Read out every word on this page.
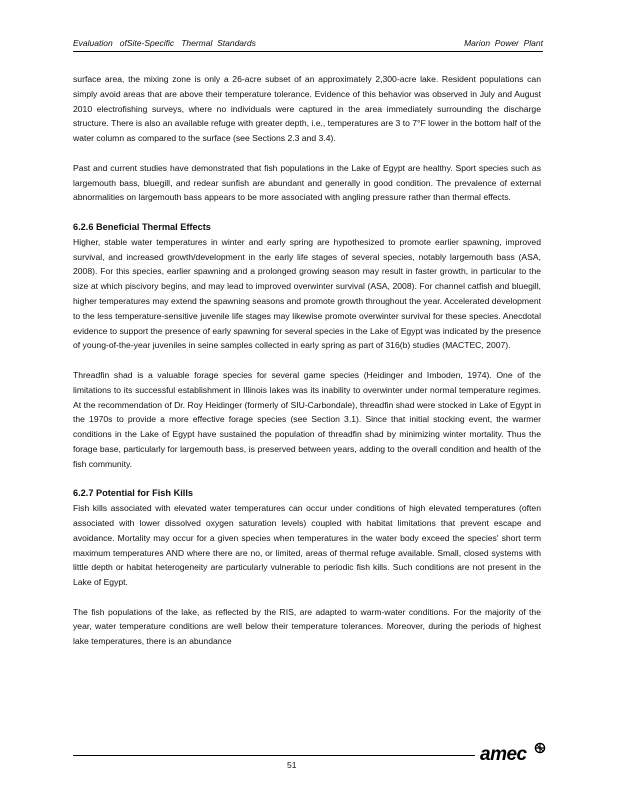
Evaluation   ofSite-Specific   Thermal  Standards	Marion  Power  Plant

surface area, the mixing zone is only a 26-acre subset of an approximately 2,300-acre lake. Resident populations can simply avoid areas that are above their temperature tolerance. Evidence of this behavior was observed in July and August 2010 electrofishing surveys, where no individuals were captured in the area immediately surrounding the discharge structure. There is also an available refuge with greater depth, i.e., temperatures are 3 to 7°F lower in the bottom half of the water column as compared to the surface (see Sections 2.3 and 3.4).

Past and current studies have demonstrated that fish populations in the Lake of Egypt are healthy. Sport species such as largemouth bass, bluegill, and redear sunfish are abundant and generally in good condition. The prevalence of external abnormalities on largemouth bass appears to be more associated with angling pressure rather than thermal effects.

6.2.6 Beneficial Thermal Effects

Higher, stable water temperatures in winter and early spring are hypothesized to promote earlier spawning, improved survival, and increased growth/development in the early life stages of several species, notably largemouth bass (ASA, 2008). For this species, earlier spawning and a prolonged growing season may result in faster growth, in particular to the size at which piscivory begins, and may lead to improved overwinter survival (ASA, 2008). For channel catfish and bluegill, higher temperatures may extend the spawning seasons and promote growth throughout the year. Accelerated development to the less temperature-sensitive juvenile life stages may likewise promote overwinter survival for these species. Anecdotal evidence to support the presence of early spawning for several species in the Lake of Egypt was indicated by the presence of young-of-the-year juveniles in seine samples collected in early spring as part of 316(b) studies (MACTEC, 2007).

Threadfin shad is a valuable forage species for several game species (Heidinger and Imboden, 1974). One of the limitations to its successful establishment in Illinois lakes was its inability to overwinter under normal temperature regimes. At the recommendation of Dr. Roy Heidinger (formerly of SIU-Carbondale), threadfin shad were stocked in Lake of Egypt in the 1970s to provide a more effective forage species (see Section 3.1). Since that initial stocking event, the warmer conditions in the Lake of Egypt have sustained the population of threadfin shad by minimizing winter mortality. Thus the forage base, particularly for largemouth bass, is preserved between years, adding to the overall condition and health of the fish community.

6.2.7 Potential for Fish Kills

Fish kills associated with elevated water temperatures can occur under conditions of high elevated temperatures (often associated with lower dissolved oxygen saturation levels) coupled with habitat limitations that prevent escape and avoidance. Mortality may occur for a given species when temperatures in the water body exceed the species' short term maximum temperatures AND where there are no, or limited, areas of thermal refuge available. Small, closed systems with little depth or habitat heterogeneity are particularly vulnerable to periodic fish kills. Such conditions are not present in the Lake of Egypt.

The fish populations of the lake, as reflected by the RIS, are adapted to warm-water conditions. For the majority of the year, water temperature conditions are well below their temperature tolerances. Moreover, during the periods of highest lake temperatures, there is an abundance

51	amec
